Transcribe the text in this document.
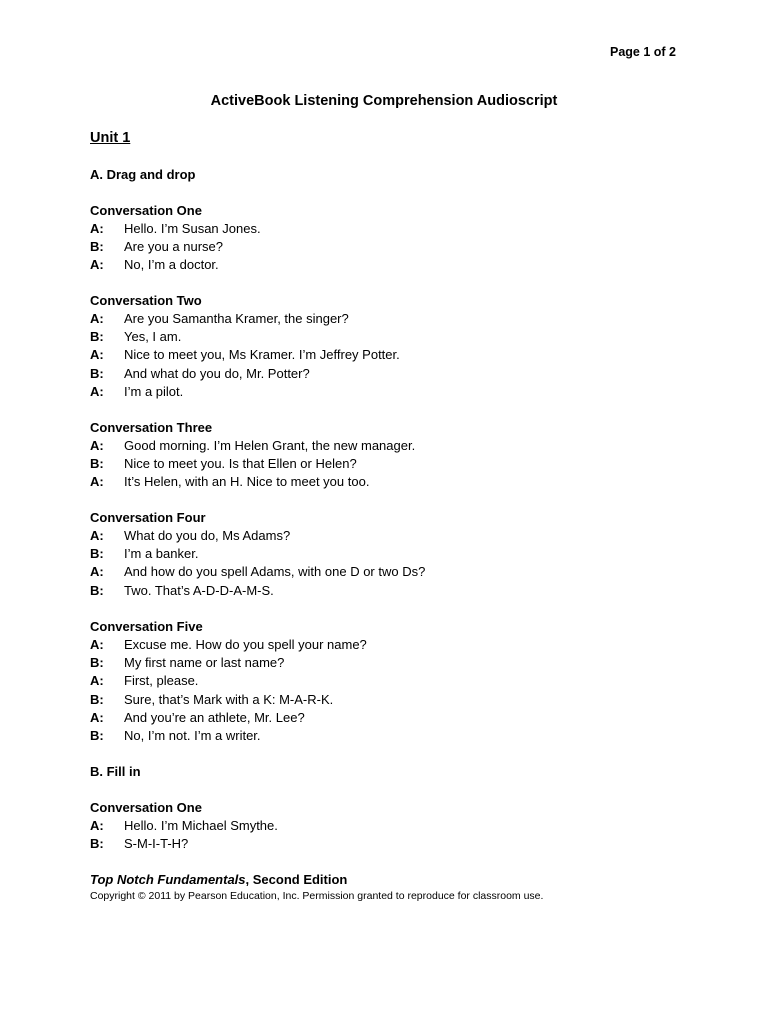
Page 1 of 2
ActiveBook Listening Comprehension Audioscript
Unit 1
A. Drag and drop
Conversation One
A:	Hello. I’m Susan Jones.
B:	Are you a nurse?
A:	No, I’m a doctor.
Conversation Two
A:	Are you Samantha Kramer, the singer?
B:	Yes, I am.
A:	Nice to meet you, Ms Kramer. I’m Jeffrey Potter.
B:	And what do you do, Mr. Potter?
A:	I’m a pilot.
Conversation Three
A:	Good morning. I’m Helen Grant, the new manager.
B:	Nice to meet you. Is that Ellen or Helen?
A:	It’s Helen, with an H. Nice to meet you too.
Conversation Four
A:	What do you do, Ms Adams?
B:	I’m a banker.
A:	And how do you spell Adams, with one D or two Ds?
B:	Two. That’s A-D-D-A-M-S.
Conversation Five
A:	Excuse me. How do you spell your name?
B:	My first name or last name?
A:	First, please.
B:	Sure, that’s Mark with a K: M-A-R-K.
A:	And you’re an athlete, Mr. Lee?
B:	No, I’m not. I’m a writer.
B. Fill in
Conversation One
A:	Hello. I’m Michael Smythe.
B:	S-M-I-T-H?
Top Notch Fundamentals, Second Edition
Copyright © 2011 by Pearson Education, Inc. Permission granted to reproduce for classroom use.
